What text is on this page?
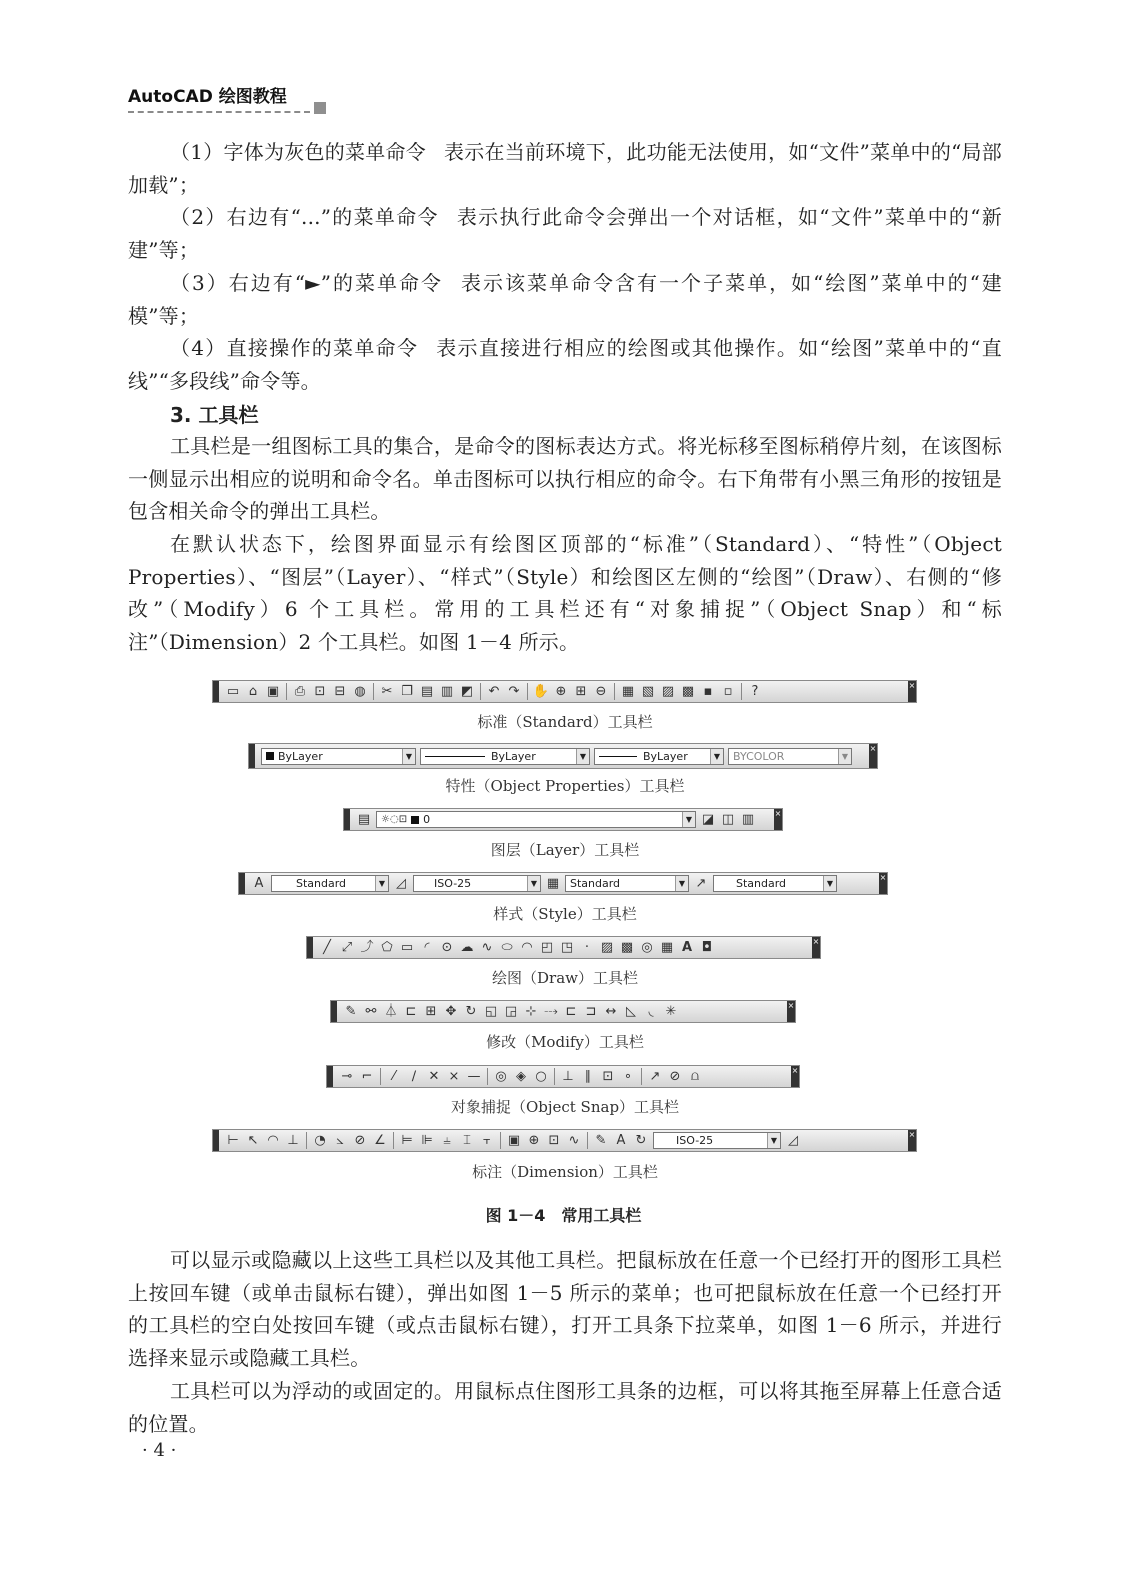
AutoCAD 绘图教程

（1）字体为灰色的菜单命令 表示在当前环境下，此功能无法使用，如“文件”菜单中的“局部加载”；

（2）右边有“...”的菜单命令 表示执行此命令会弹出一个对话框，如“文件”菜单中的“新建”等；

（3）右边有“►”的菜单命令 表示该菜单命令含有一个子菜单，如“绘图”菜单中的“建模”等；

（4）直接操作的菜单命令 表示直接进行相应的绘图或其他操作。如“绘图”菜单中的“直线”“多段线”命令等。

3. 工具栏

工具栏是一组图标工具的集合，是命令的图标表达方式。将光标移至图标稍停片刻，在该图标一侧显示出相应的说明和命令名。单击图标可以执行相应的命令。右下角带有小黑三角形的按钮是包含相关命令的弹出工具栏。

在默认状态下，绘图界面显示有绘图区顶部的“标准”（Standard）、“特性”（Object Properties）、“图层”（Layer）、“样式”（Style）和绘图区左侧的“绘图”（Draw）、右侧的“修改”（Modify）6 个工具栏。常用的工具栏还有“对象捕捉”（Object Snap）和“标注”（Dimension）2 个工具栏。如图 1－4 所示。

▭ ⌂ ▣ ⎙ ⊡ ⊟ ◍ ✂ ❐ ▤ ▥ ◩ ↶ ↷ ✋ ⊕ ⊞ ⊖ ▦ ▧ ▨ ▩ ▪ ▫	?	×
标准（Standard）工具栏
ByLayer	▼	ByLayer	▼	ByLayer	▼ BYCOLOR	▼
×
特性（Object Properties）工具栏
▤ ☼◌⊡ 0	▼ ◪ ◫ ▥	×
图层（Layer）工具栏
A	Standard	▼ ◿	ISO-25	▼ ▦ Standard	▼ ↗	Standard	▼
×
样式（Style）工具栏
╱ ⤢ ⤴ ⬠ ▭ ◜ ⊙ ☁ ∿ ⬭ ◠ ◰ ◳ · ▨ ▩ ◎ ▦ A ◘	×
绘图（Draw）工具栏
✎ ⚯ ⏃ ⊏ ⊞ ✥ ↻ ◱ ◲ ⊹ ⤏ ⊏ ⊐ ↔ ◺ ◟ ✳	×
修改（Modify）工具栏
⊸ ⌐	⁄	∕ ✕ ⨯ — ◎ ◈ ○ ⊥ ∥ ⊡ ∘	↗ ⊘ ⩍	×
对象捕捉（Object Snap）工具栏
⊢ ↖ ◠ ⊥ ◔ ⦣ ⊘ ∠ ⊨ ⊫ ⫨ ⌶ ⫟	▣ ⊕ ⊡ ∿ ✎ A ↻	ISO-25	▼ ◿	×
标注（Dimension）工具栏
图 1－4　常用工具栏

可以显示或隐藏以上这些工具栏以及其他工具栏。把鼠标放在任意一个已经打开的图形工具栏上按回车键（或单击鼠标右键），弹出如图 1－5 所示的菜单；也可把鼠标放在任意一个已经打开的工具栏的空白处按回车键（或点击鼠标右键），打开工具条下拉菜单，如图 1－6 所示，并进行选择来显示或隐藏工具栏。

工具栏可以为浮动的或固定的。用鼠标点住图形工具条的边框，可以将其拖至屏幕上任意合适的位置。

· 4 ·
